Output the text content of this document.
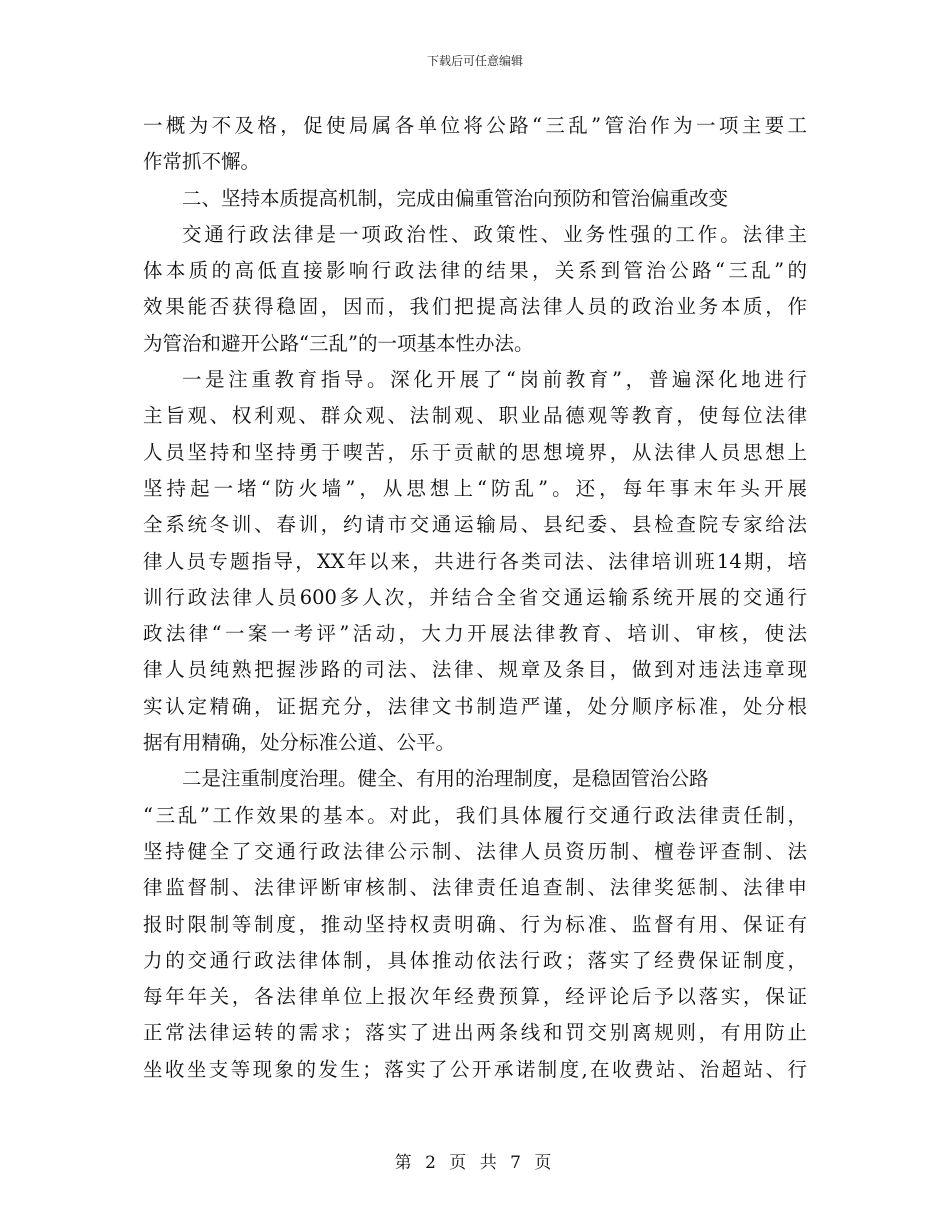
下载后可任意编辑
一概为不及格，促使局属各单位将公路“三乱”管治作为一项主要工
作常抓不懈。
二、坚持本质提高机制，完成由偏重管治向预防和管治偏重改变
交通行政法律是一项政治性、政策性、业务性强的工作。法律主
体本质的高低直接影响行政法律的结果，关系到管治公路“三乱”的
效果能否获得稳固，因而，我们把提高法律人员的政治业务本质，作
为管治和避开公路“三乱”的一项基本性办法。
一是注重教育指导。深化开展了“岗前教育”，普遍深化地进行
主旨观、权利观、群众观、法制观、职业品德观等教育，使每位法律
人员坚持和坚持勇于喫苦，乐于贡献的思想境界，从法律人员思想上
坚持起一堵“防火墙”，从思想上“防乱”。还，每年事末年头开展
全系统冬训、春训，约请市交通运输局、县纪委、县检查院专家给法
律人员专题指导，XX年以来，共进行各类司法、法律培训班14期，培
训行政法律人员600多人次，并结合全省交通运输系统开展的交通行
政法律“一案一考评”活动，大力开展法律教育、培训、审核，使法
律人员纯熟把握涉路的司法、法律、规章及条目，做到对违法违章现
实认定精确，证据充分，法律文书制造严谨，处分顺序标准，处分根
据有用精确，处分标准公道、公平。
二是注重制度治理。健全、有用的治理制度，是稳固管治公路
“三乱”工作效果的基本。对此，我们具体履行交通行政法律责任制，
坚持健全了交通行政法律公示制、法律人员资历制、檀卷评查制、法
律监督制、法律评断审核制、法律责任追查制、法律奖惩制、法律申
报时限制等制度，推动坚持权责明确、行为标准、监督有用、保证有
力的交通行政法律体制，具体推动依法行政；落实了经费保证制度，
每年年关，各法律单位上报次年经费预算，经评论后予以落实，保证
正常法律运转的需求；落实了进出两条线和罚交别离规则，有用防止
坐收坐支等现象的发生；落实了公开承诺制度,在收费站、治超站、行
第 2 页 共 7 页
